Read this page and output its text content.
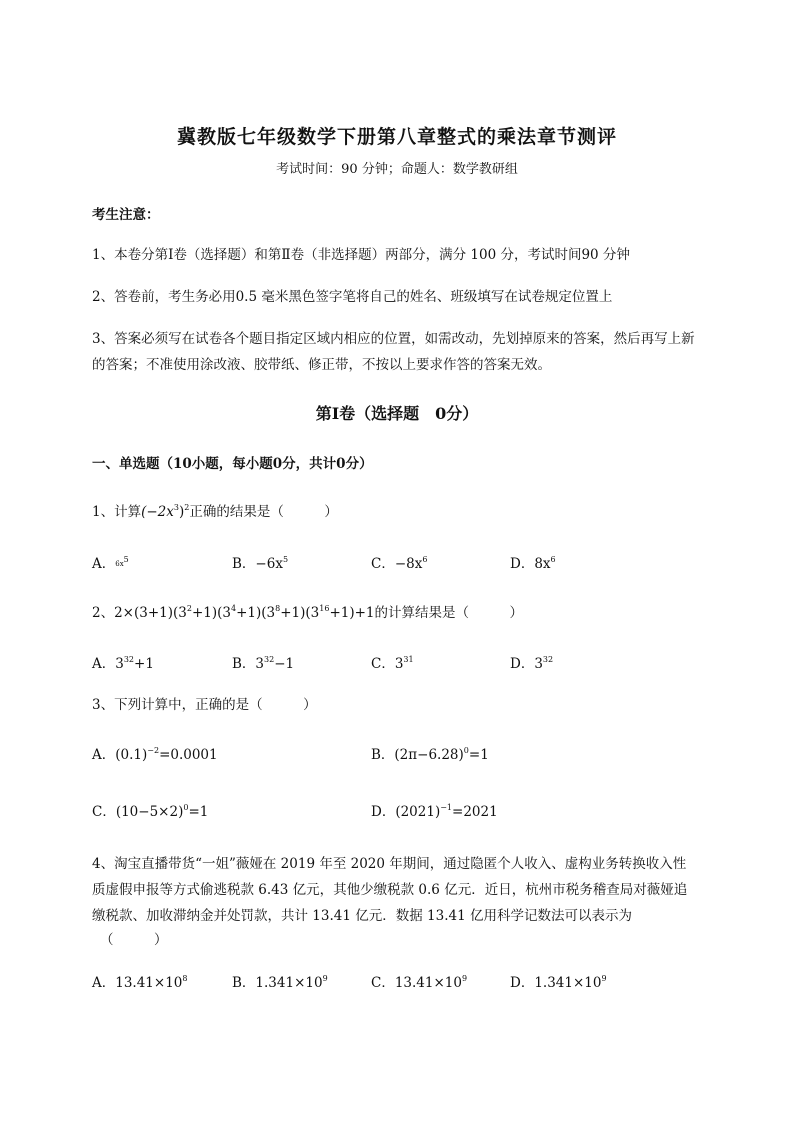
冀教版七年级数学下册第八章整式的乘法章节测评
考试时间：90 分钟；命题人：数学教研组
考生注意：
1、本卷分第Ⅰ卷（选择题）和第Ⅱ卷（非选择题）两部分，满分 100 分，考试时间90 分钟
2、答卷前，考生务必用0.5 毫米黑色签字笔将自己的姓名、班级填写在试卷规定位置上
3、答案必须写在试卷各个题目指定区域内相应的位置，如需改动，先划掉原来的答案，然后再写上新
的答案；不准使用涂改液、胶带纸、修正带，不按以上要求作答的答案无效。
第Ⅰ卷（选择题　0分）
一、单选题（10小题，每小题0分，共计0分）
1、计算$(-2x^3)^2$正确的结果是（　　　）
A．$6x^5$	B．$-6x^5$	C．$-8x^6$	D．$8x^6$
2、$2\times(3+1)(3^2+1)(3^4+1)(3^8+1)(3^{16}+1)+1$的计算结果是（　　　）
A．$3^{32}+1$	B．$3^{32}-1$	C．$3^{31}$	D．$3^{32}$
3、下列计算中，正确的是（　　　）
A．$(0.1)^{-2}=0.0001$	B．$(2\pi-6.28)^0=1$
C．$(10-5\times 2)^0=1$	D．$(2021)^{-1}=2021$
4、淘宝直播带货“一姐”薇娅在 2019 年至 2020 年期间，通过隐匿个人收入、虚构业务转换收入性
质虚假申报等方式偷逃税款 6.43 亿元，其他少缴税款 0.6 亿元．近日，杭州市税务稽查局对薇娅追
缴税款、加收滞纳金并处罚款，共计 13.41 亿元．数据 13.41 亿用科学记数法可以表示为
（　　　）
A．$13.41\times 10^8$	B．$1.341\times 10^9$	C．$13.41\times 10^9$	D．$1.341\times 10^9$
